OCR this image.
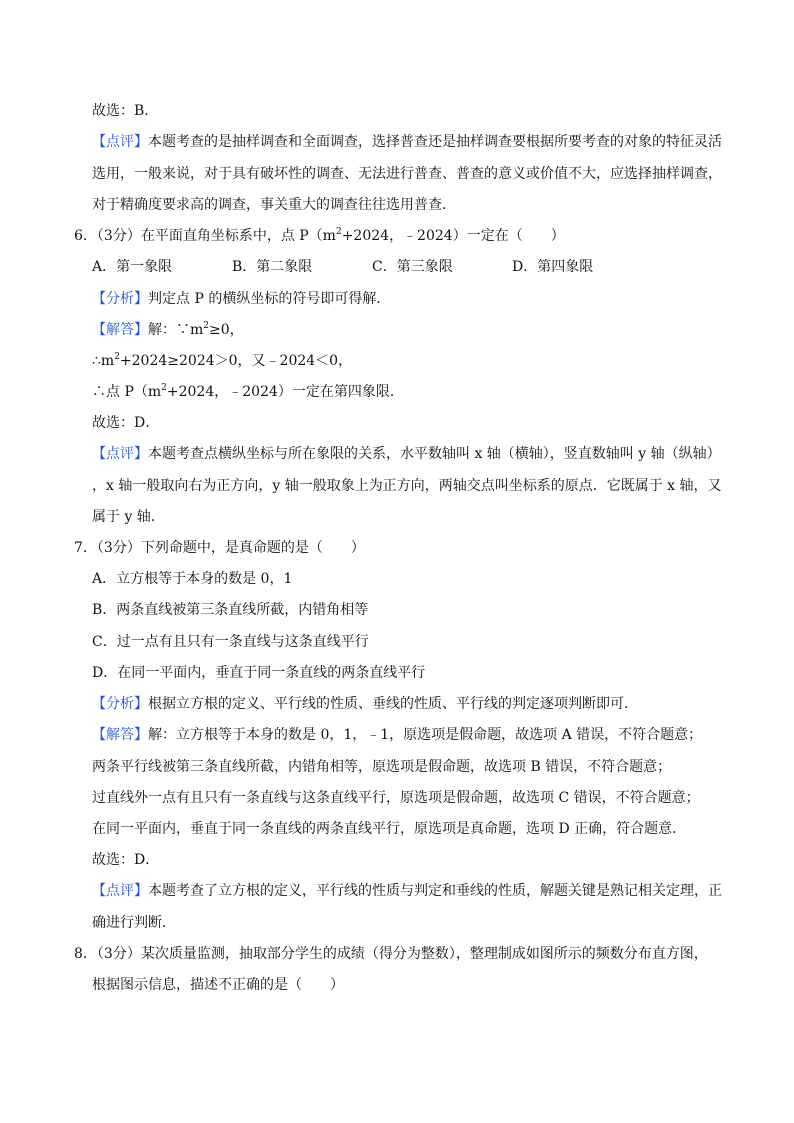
故选：B．
【点评】本题考查的是抽样调查和全面调查，选择普查还是抽样调查要根据所要考查的对象的特征灵活
选用，一般来说，对于具有破坏性的调查、无法进行普查、普查的意义或价值不大，应选择抽样调查，
对于精确度要求高的调查，事关重大的调查往往选用普查．
6．（3分）在平面直角坐标系中，点 $P(m^2+2024$，﹣2024）一定在（　　）
A．第一象限	B．第二象限	C．第三象限	D．第四象限
【分析】判定点 P 的横纵坐标的符号即可得解．
【解答】解：$\because m^2\ge 0$，
$\therefore m^2+2024\ge 2024>0$，又﹣2024＜0，
∴点 $P(m^2+2024$，﹣2024）一定在第四象限．
故选：D．
【点评】本题考查点横纵坐标与所在象限的关系，水平数轴叫 x 轴（横轴），竖直数轴叫 y 轴（纵轴）
，x 轴一般取向右为正方向，y 轴一般取象上为正方向，两轴交点叫坐标系的原点．它既属于 x 轴，又
属于 y 轴．
7．（3分）下列命题中，是真命题的是（　　）
A．立方根等于本身的数是 0，1
B．两条直线被第三条直线所截，内错角相等
C．过一点有且只有一条直线与这条直线平行
D．在同一平面内，垂直于同一条直线的两条直线平行
【分析】根据立方根的定义、平行线的性质、垂线的性质、平行线的判定逐项判断即可．
【解答】解：立方根等于本身的数是 0，1，﹣1，原选项是假命题，故选项 A 错误，不符合题意；
两条平行线被第三条直线所截，内错角相等，原选项是假命题，故选项 B 错误，不符合题意；
过直线外一点有且只有一条直线与这条直线平行，原选项是假命题，故选项 C 错误，不符合题意；
在同一平面内，垂直于同一条直线的两条直线平行，原选项是真命题，选项 D 正确，符合题意．
故选：D．
【点评】本题考查了立方根的定义，平行线的性质与判定和垂线的性质，解题关键是熟记相关定理，正
确进行判断．
8．（3分）某次质量监测，抽取部分学生的成绩（得分为整数），整理制成如图所示的频数分布直方图，
根据图示信息，描述不正确的是（　　）
